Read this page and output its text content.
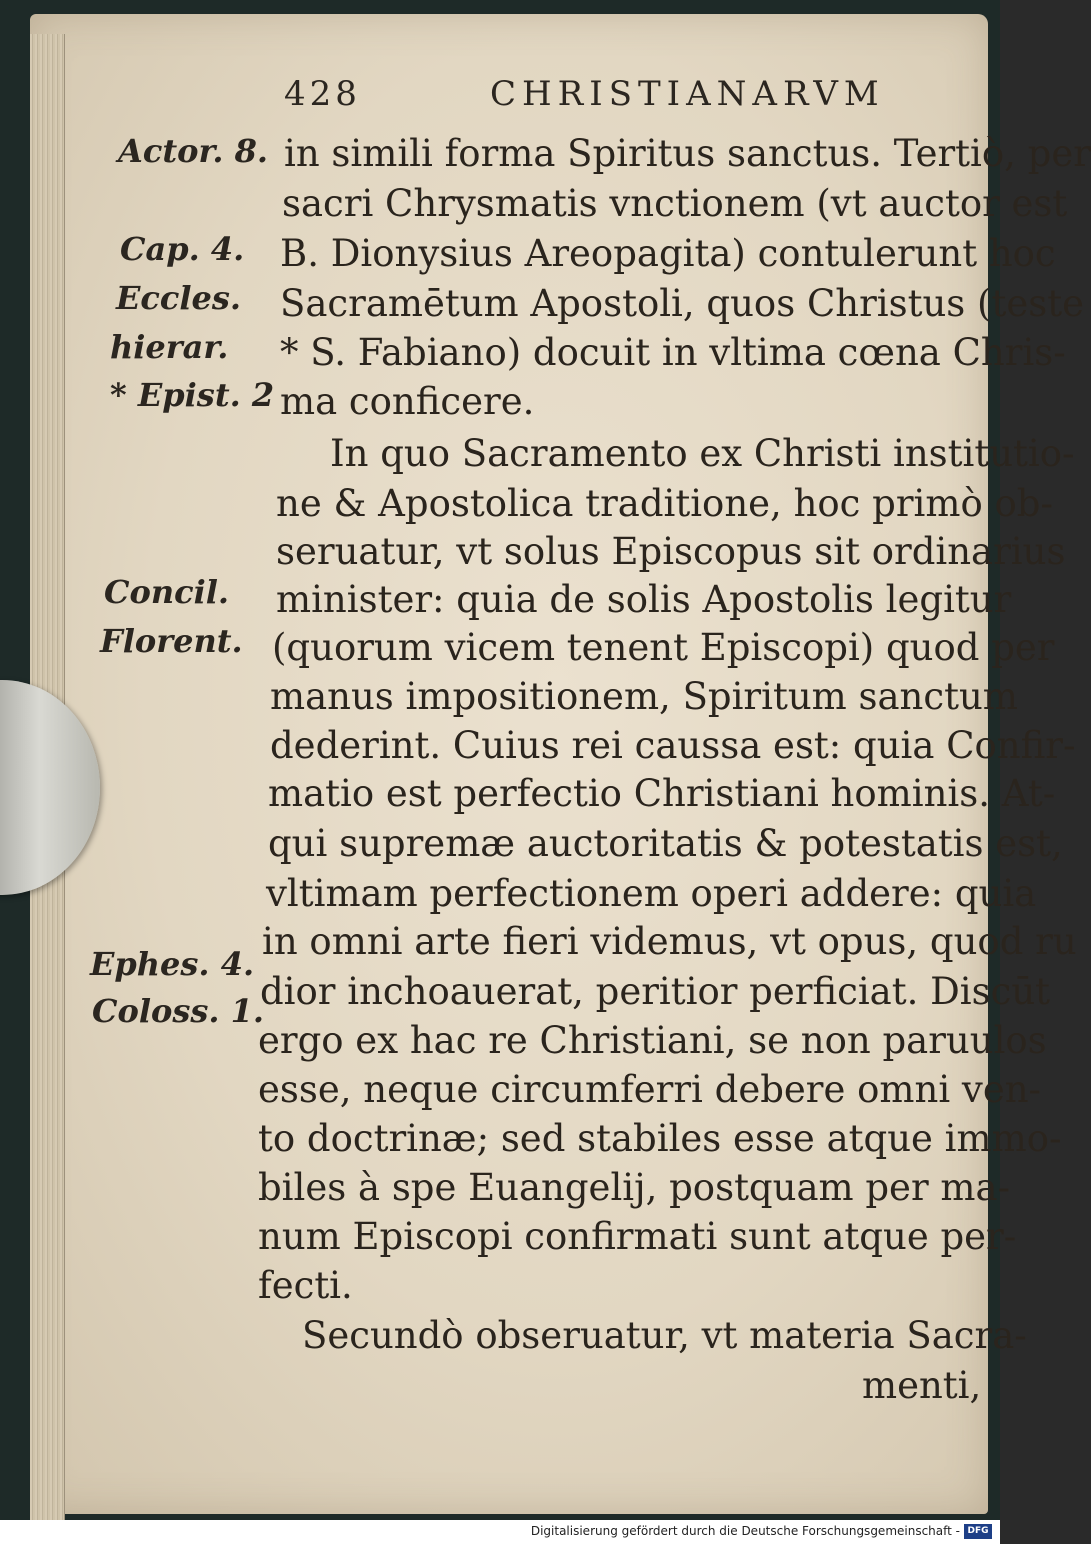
428	CHRISTIANARVM
Actor. 8.
Cap. 4.
Eccles.
hierar.
* Epist. 2
Concil.
Florent.
Ephes. 4.
Coloss. 1.
in simili forma Spiritus sanctus. Tertiò, per
sacri Chrysmatis vnctionem (vt auctor est
B. Dionysius Areopagita) contulerunt hoc
Sacramētum Apostoli, quos Christus (teste
* S. Fabiano) docuit in vltima cœna Chris-
ma conficere.
In quo Sacramento ex Christi institutio-
ne & Apostolica traditione, hoc primò ob-
seruatur, vt solus Episcopus sit ordinarius
minister: quia de solis Apostolis legitur
(quorum vicem tenent Episcopi) quod per
manus impositionem, Spiritum sanctum
dederint. Cuius rei caussa est: quia Confir-
matio est perfectio Christiani hominis. At-
qui supremæ auctoritatis & potestatis est,
vltimam perfectionem operi addere: quia
in omni arte fieri videmus, vt opus, quod ru
dior inchoauerat, peritior perficiat. Discūt
ergo ex hac re Christiani, se non paruulos
esse, neque circumferri debere omni ven-
to doctrinæ; sed stabiles esse atque immo-
biles à spe Euangelij, postquam per ma-
num Episcopi confirmati sunt atque per-
fecti.
Secundò obseruatur, vt materia Sacra-
menti,
Digitalisierung gefördert durch die Deutsche Forschungsgemeinschaft - DFG
